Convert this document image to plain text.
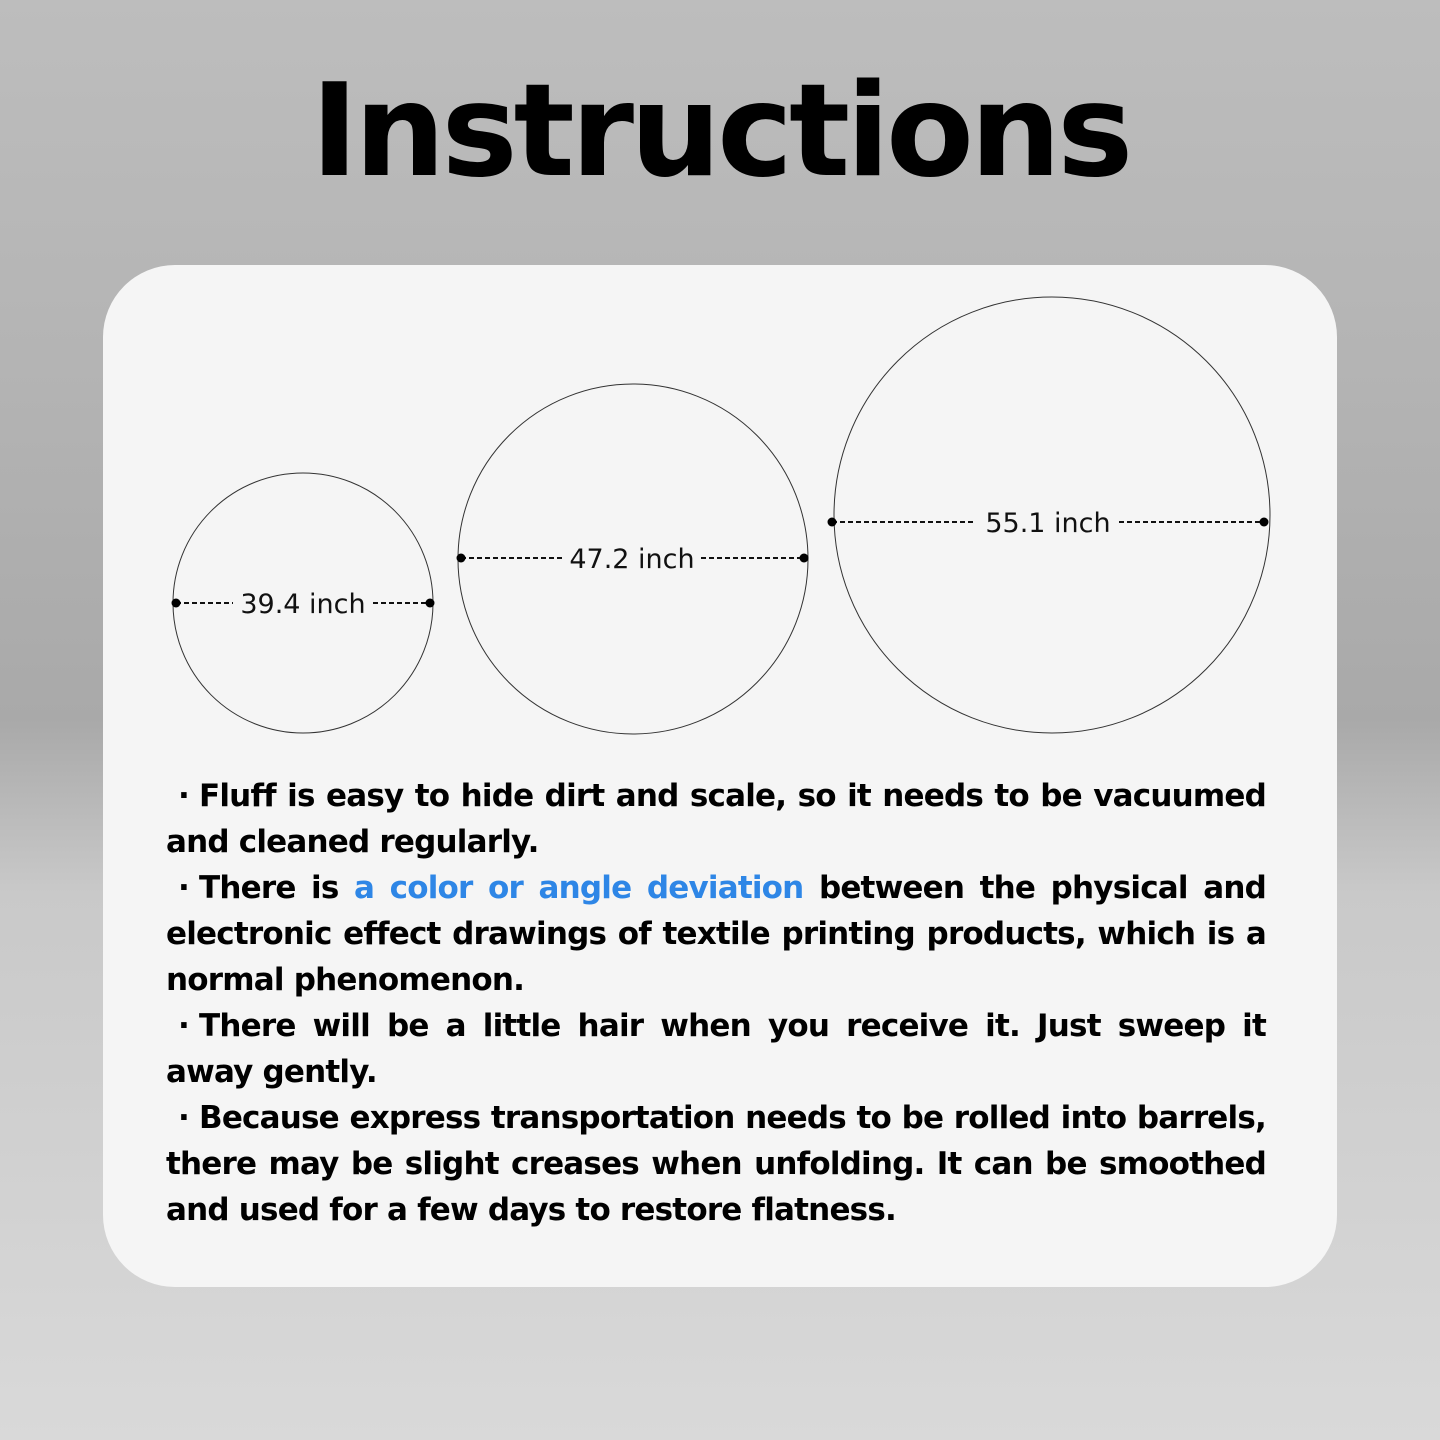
Instructions
39.4 inch
47.2 inch
55.1 inch
· Fluff is easy to hide dirt and scale, so it needs to be vacuumed and cleaned regularly.
· There is a color or angle deviation between the physical and electronic effect drawings of textile printing products, which is a normal phenomenon.
· There will be a little hair when you receive it. Just sweep it away gently.
· Because express transportation needs to be rolled into barrels, there may be slight creases when unfolding. It can be smoothed and used for a few days to restore flatness.
